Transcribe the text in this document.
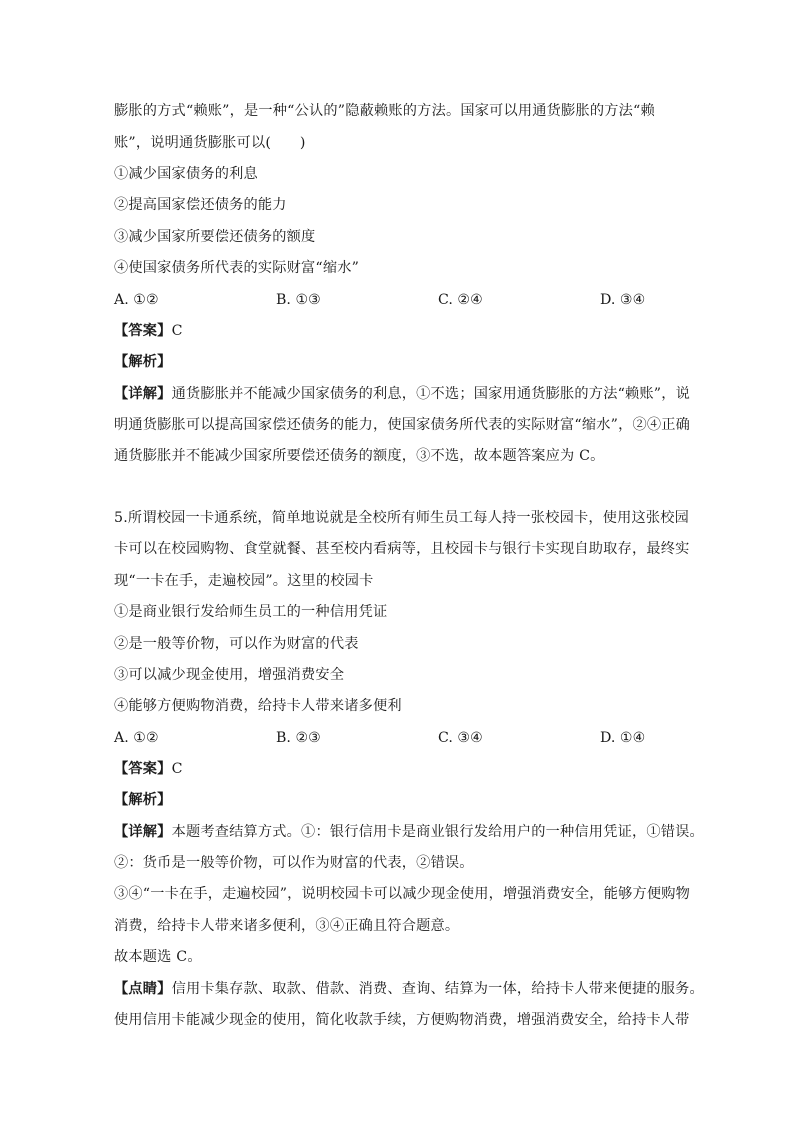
膨胀的方式“赖账”，是一种“公认的”隐蔽赖账的方法。国家可以用通货膨胀的方法“赖
账”，说明通货膨胀可以(　　)
①减少国家债务的利息
②提高国家偿还债务的能力
③减少国家所要偿还债务的额度
④使国家债务所代表的实际财富“缩水”
A. ①②	B. ①③	C. ②④	D. ③④
【答案】C
【解析】
【详解】通货膨胀并不能减少国家债务的利息，①不选；国家用通货膨胀的方法“赖账”，说
明通货膨胀可以提高国家偿还债务的能力，使国家债务所代表的实际财富“缩水”，②④正确
通货膨胀并不能减少国家所要偿还债务的额度，③不选，故本题答案应为 C。
5.所谓校园一卡通系统，简单地说就是全校所有师生员工每人持一张校园卡，使用这张校园
卡可以在校园购物、食堂就餐、甚至校内看病等，且校园卡与银行卡实现自助取存，最终实
现“一卡在手，走遍校园”。这里的校园卡
①是商业银行发给师生员工的一种信用凭证
②是一般等价物，可以作为财富的代表
③可以减少现金使用，增强消费安全
④能够方便购物消费，给持卡人带来诸多便利
A. ①②	B. ②③	C. ③④	D. ①④
【答案】C
【解析】
【详解】本题考查结算方式。①：银行信用卡是商业银行发给用户的一种信用凭证，①错误。
②：货币是一般等价物，可以作为财富的代表，②错误。
③④“一卡在手，走遍校园”，说明校园卡可以减少现金使用，增强消费安全，能够方便购物
消费，给持卡人带来诸多便利，③④正确且符合题意。
故本题选 C。
【点睛】信用卡集存款、取款、借款、消费、查询、结算为一体，给持卡人带来便捷的服务。
使用信用卡能减少现金的使用，简化收款手续，方便购物消费，增强消费安全，给持卡人带
